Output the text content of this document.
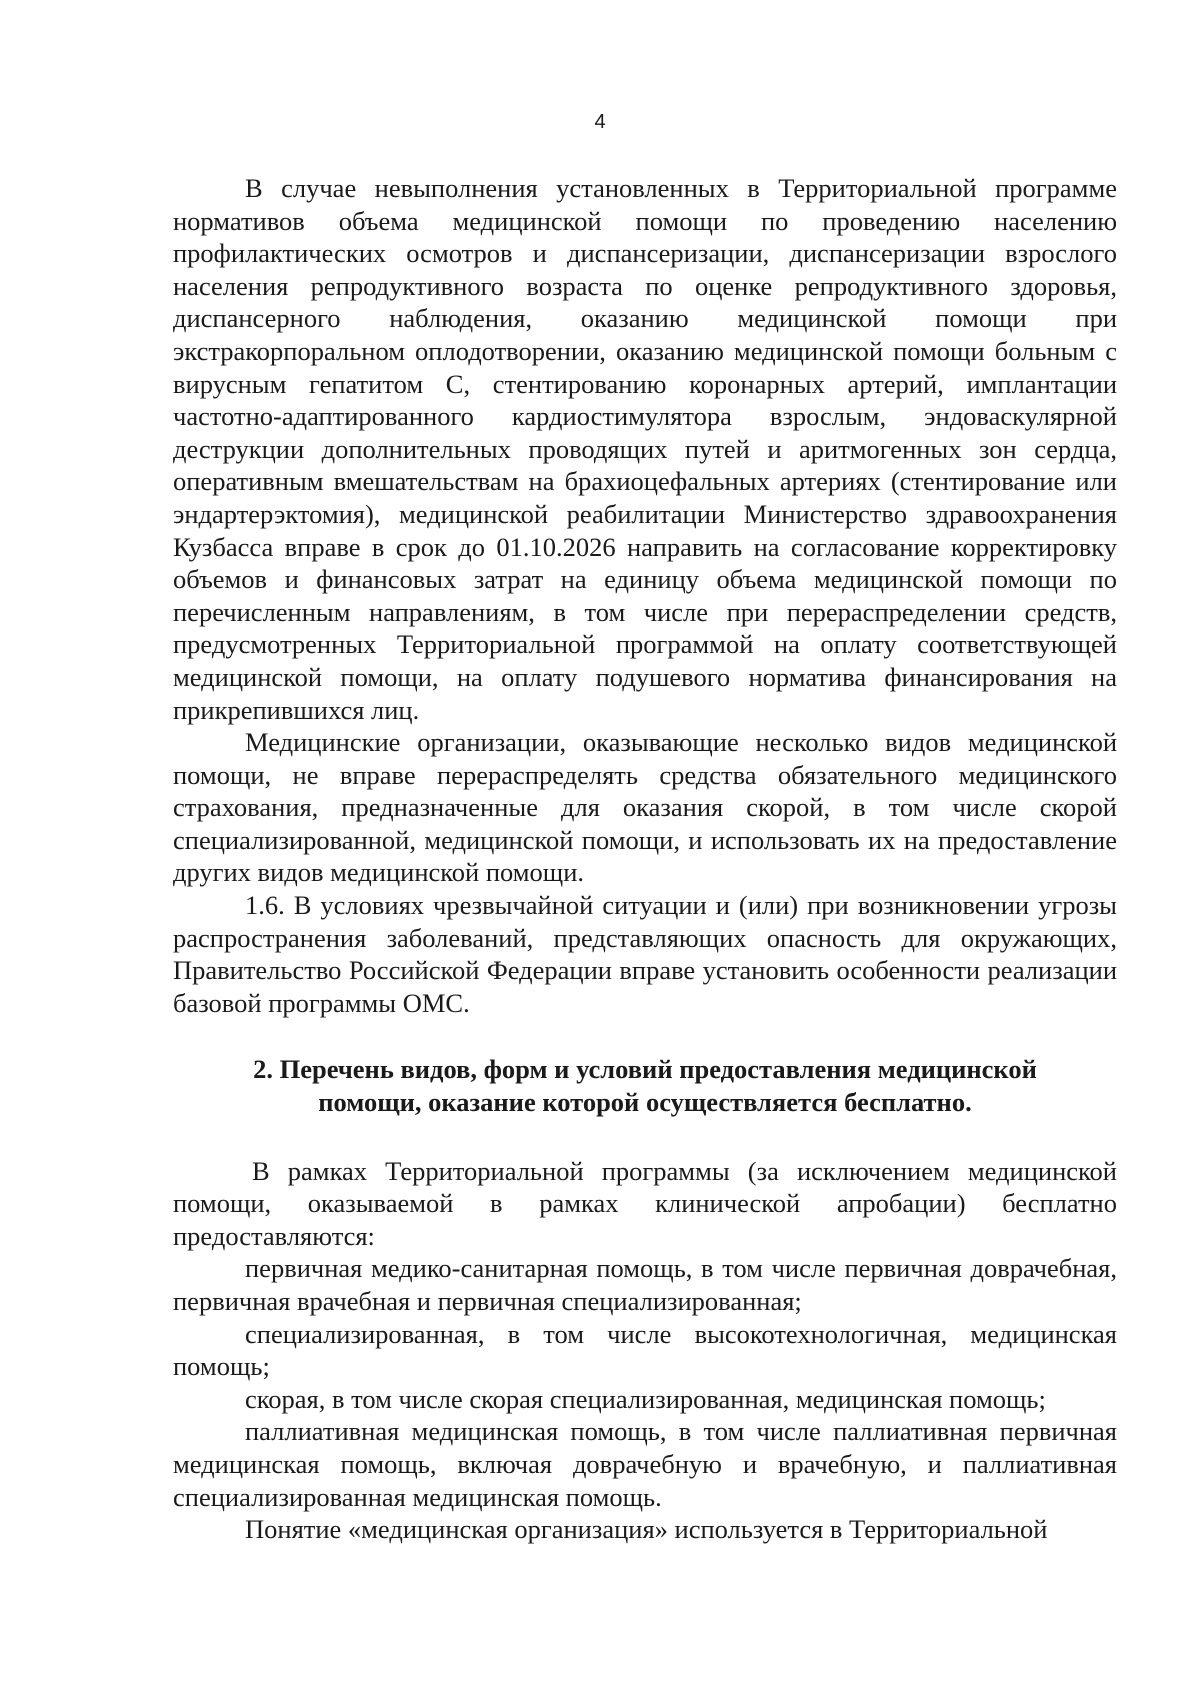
4

В случае невыполнения установленных в Территориальной программе нормативов объема медицинской помощи по проведению населению профилактических осмотров и диспансеризации, диспансеризации взрослого населения репродуктивного возраста по оценке репродуктивного здоровья, диспансерного наблюдения, оказанию медицинской помощи при экстракорпоральном оплодотворении, оказанию медицинской помощи больным с вирусным гепатитом С, стентированию коронарных артерий, имплантации частотно-адаптированного кардиостимулятора взрослым, эндоваскулярной деструкции дополнительных проводящих путей и аритмогенных зон сердца, оперативным вмешательствам на брахиоцефальных артериях (стентирование или эндартерэктомия), медицинской реабилитации Министерство здравоохранения Кузбасса вправе в срок до 01.10.2026 направить на согласование корректировку объемов и финансовых затрат на единицу объема медицинской помощи по перечисленным направлениям, в том числе при перераспределении средств, предусмотренных Территориальной программой на оплату соответствующей медицинской помощи, на оплату подушевого норматива финансирования на прикрепившихся лиц.

Медицинские организации, оказывающие несколько видов медицинской помощи, не вправе перераспределять средства обязательного медицинского страхования, предназначенные для оказания скорой, в том числе скорой специализированной, медицинской помощи, и использовать их на предоставление других видов медицинской помощи.

1.6. В условиях чрезвычайной ситуации и (или) при возникновении угрозы распространения заболеваний, представляющих опасность для окружающих, Правительство Российской Федерации вправе установить особенности реализации базовой программы ОМС.

2. Перечень видов, форм и условий предоставления медицинской
помощи, оказание которой осуществляется бесплатно.

В рамках Территориальной программы (за исключением медицинской помощи, оказываемой в рамках клинической апробации) бесплатно предоставляются:

первичная медико-санитарная помощь, в том числе первичная доврачебная, первичная врачебная и первичная специализированная;

специализированная, в том числе высокотехнологичная, медицинская помощь;

скорая, в том числе скорая специализированная, медицинская помощь;

паллиативная медицинская помощь, в том числе паллиативная первичная медицинская помощь, включая доврачебную и врачебную, и паллиативная специализированная медицинская помощь.

Понятие «медицинская организация» используется в Территориальной
